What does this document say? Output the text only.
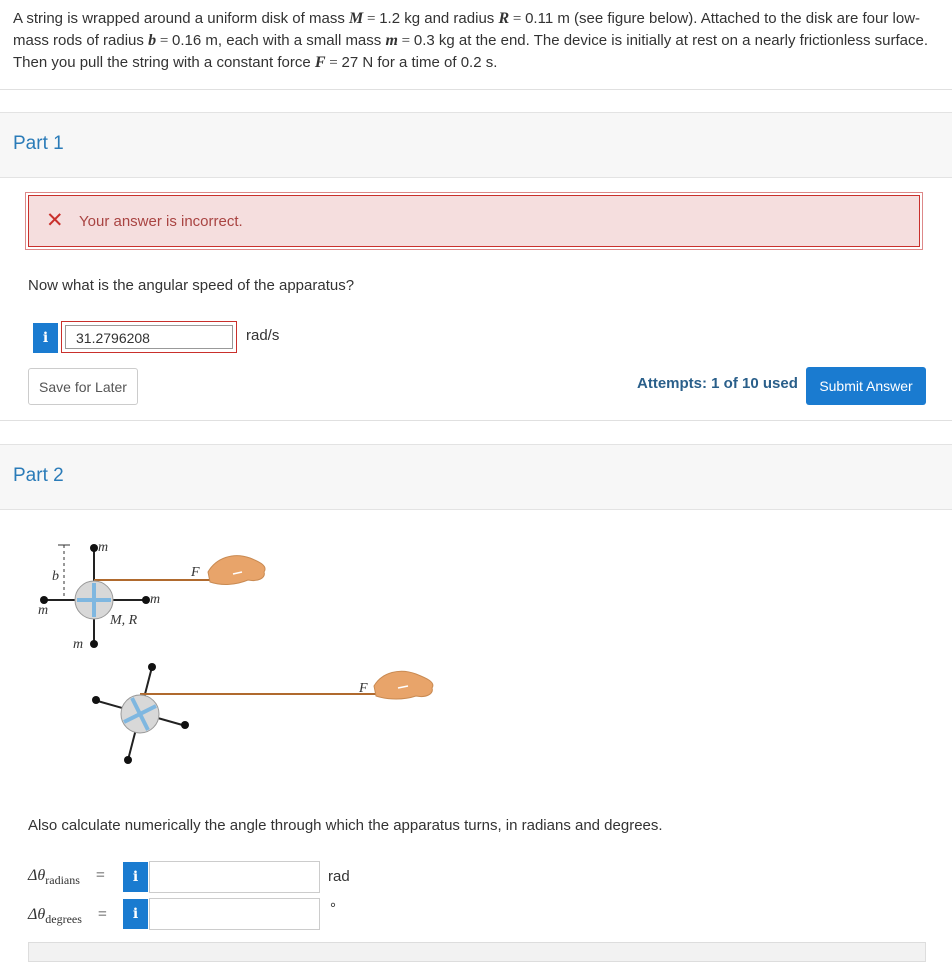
A string is wrapped around a uniform disk of mass M = 1.2 kg and radius R = 0.11 m (see figure below). Attached to the disk are four low-mass rods of radius b = 0.16 m, each with a small mass m = 0.3 kg at the end. The device is initially at rest on a nearly frictionless surface. Then you pull the string with a constant force F = 27 N for a time of 0.2 s.
Part 1
✕ Your answer is incorrect.
Now what is the angular speed of the apparatus?
i	31.2796208	rad/s
Save for Later	Attempts: 1 of 10 used	Submit Answer
Part 2
m
b
m
m
m
F
M, R
F
Also calculate numerically the angle through which the apparatus turns, in radians and degrees.
$\Delta\theta_{radians}$ =	i	rad
$\Delta\theta_{degrees}$ =	i	°
